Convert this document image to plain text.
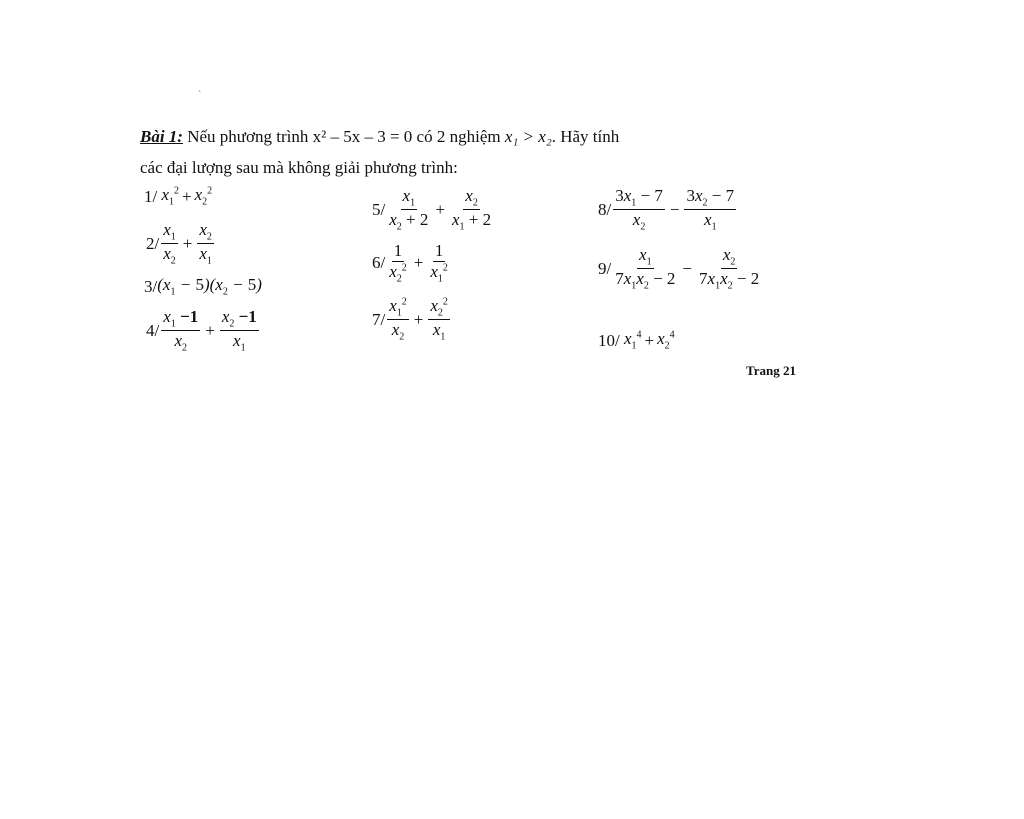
ˋ
Bài 1: Nếu phương trình x² – 5x – 3 = 0 có 2 nghiệm x₁ > x₂. Hãy tính
các đại lượng sau mà không giải phương trình:
1/ $x_1^2 + x_2^2$
$2/ \frac{x_1}{x_2} + \frac{x_2}{x_1}$
3/ $(x_1 - 5)(x_2 - 5)$
$4/ \frac{x_1 -1}{x_2} + \frac{x_2 -1}{x_1}$
$5/ \frac{x_1}{x_2 + 2} + \frac{x_2}{x_1 + 2}$
$6/ \frac{1}{x_2^2} + \frac{1}{x_1^2}$
$7/ \frac{x_1^2}{x_2} + \frac{x_2^2}{x_1}$
$8/ \frac{3x_1 - 7}{x_2} - \frac{3x_2 - 7}{x_1}$
$9/ \frac{x_1}{7x_1x_2 - 2} - \frac{x_2}{7x_1x_2 - 2}$
10/ $x_1^4 + x_2^4$
Trang 21
